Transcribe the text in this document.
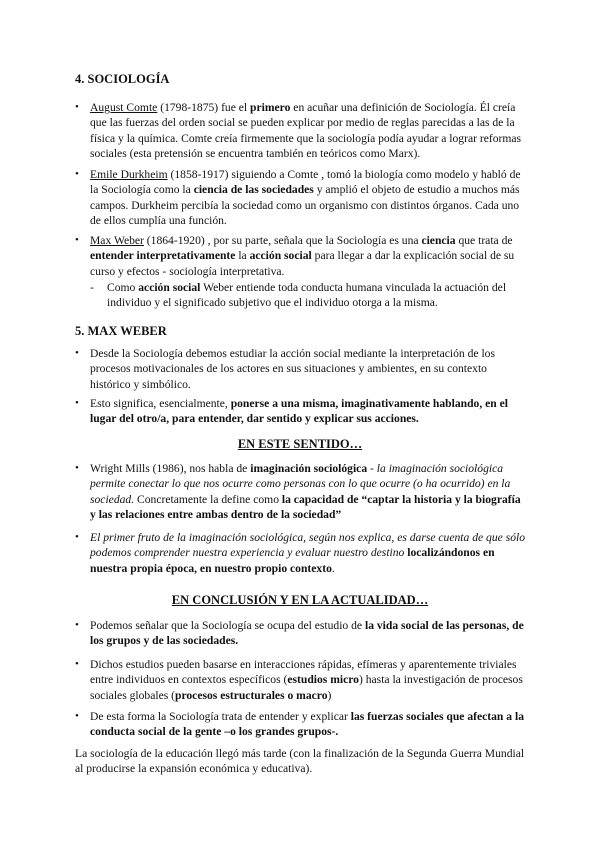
4. SOCIOLOGÍA
• August Comte (1798-1875) fue el primero en acuñar una definición de Sociología. Él creía que las fuerzas del orden social se pueden explicar por medio de reglas parecidas a las de la física y la química. Comte creía firmemente que la sociología podía ayudar a lograr reformas sociales (esta pretensión se encuentra también en teóricos como Marx).
• Emile Durkheim (1858-1917) siguiendo a Comte , tomó la biología como modelo y habló de la Sociología como la ciencia de las sociedades y amplió el objeto de estudio a muchos más campos. Durkheim percibía la sociedad como un organismo con distintos órganos. Cada uno de ellos cumplía una función.
• Max Weber (1864-1920) , por su parte, señala que la Sociología es una ciencia que trata de entender interpretativamente la acción social para llegar a dar la explicación social de su curso y efectos - sociología interpretativa.
- Como acción social Weber entiende toda conducta humana vinculada la actuación del individuo y el significado subjetivo que el individuo otorga a la misma.
5. MAX WEBER
• Desde la Sociología debemos estudiar la acción social mediante la interpretación de los procesos motivacionales de los actores en sus situaciones y ambientes, en su contexto histórico y simbólico.
• Esto significa, esencialmente, ponerse a una misma, imaginativamente hablando, en el lugar del otro/a, para entender, dar sentido y explicar sus acciones.
EN ESTE SENTIDO…
• Wright Mills (1986), nos habla de imaginación sociológica - la imaginación sociológica permite conectar lo que nos ocurre como personas con lo que ocurre (o ha ocurrido) en la sociedad. Concretamente la define como la capacidad de “captar la historia y la biografía y las relaciones entre ambas dentro de la sociedad”
• El primer fruto de la imaginación sociológica, según nos explica, es darse cuenta de que sólo podemos comprender nuestra experiencia y evaluar nuestro destino localizándonos en nuestra propia época, en nuestro propio contexto.
EN CONCLUSIÓN Y EN LA ACTUALIDAD…
• Podemos señalar que la Sociología se ocupa del estudio de la vida social de las personas, de los grupos y de las sociedades.
• Dichos estudios pueden basarse en interacciones rápidas, efímeras y aparentemente triviales entre individuos en contextos específicos (estudios micro) hasta la investigación de procesos sociales globales (procesos estructurales o macro)
• De esta forma la Sociología trata de entender y explicar las fuerzas sociales que afectan a la conducta social de la gente –o los grandes grupos-.
La sociología de la educación llegó más tarde (con la finalización de la Segunda Guerra Mundial al producirse la expansión económica y educativa).
